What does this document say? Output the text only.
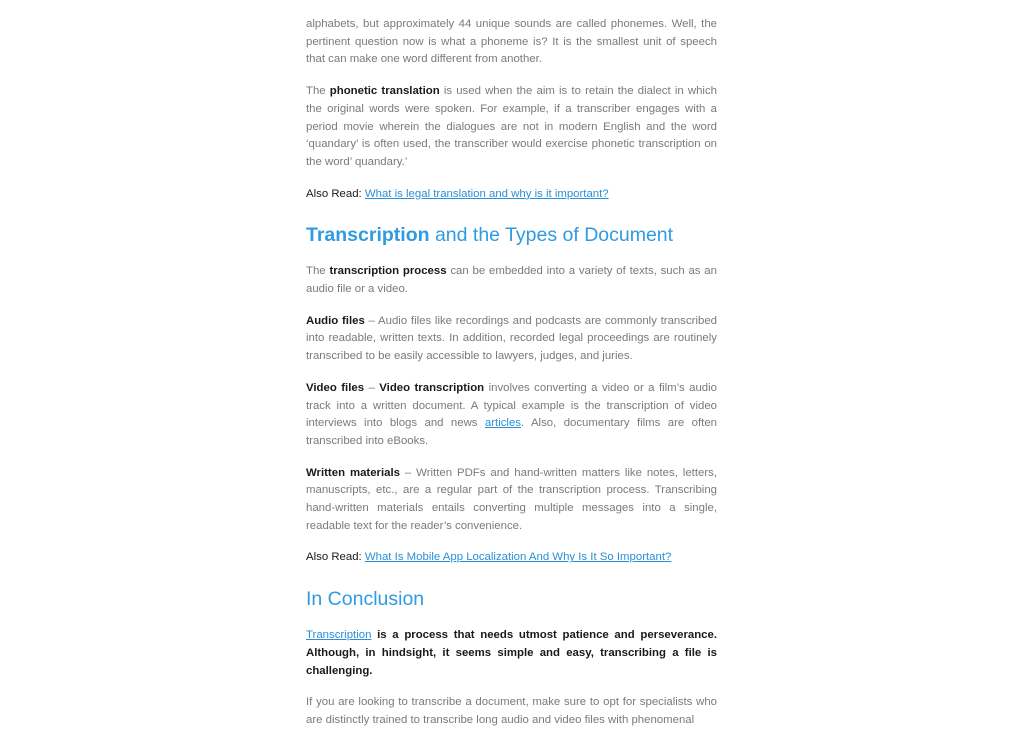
alphabets, but approximately 44 unique sounds are called phonemes. Well, the pertinent question now is what a phoneme is? It is the smallest unit of speech that can make one word different from another.

The phonetic translation is used when the aim is to retain the dialect in which the original words were spoken. For example, if a transcriber engages with a period movie wherein the dialogues are not in modern English and the word ‘quandary’ is often used, the transcriber would exercise phonetic transcription on the word’ quandary.’

Also Read: What is legal translation and why is it important?

Transcription and the Types of Document

The transcription process can be embedded into a variety of texts, such as an audio file or a video.

Audio files – Audio files like recordings and podcasts are commonly transcribed into readable, written texts. In addition, recorded legal proceedings are routinely transcribed to be easily accessible to lawyers, judges, and juries.

Video files – Video transcription involves converting a video or a film’s audio track into a written document. A typical example is the transcription of video interviews into blogs and news articles. Also, documentary films are often transcribed into eBooks.

Written materials – Written PDFs and hand-written matters like notes, letters, manuscripts, etc., are a regular part of the transcription process. Transcribing hand-written materials entails converting multiple messages into a single, readable text for the reader’s convenience.

Also Read: What Is Mobile App Localization And Why Is It So Important?

In Conclusion

Transcription is a process that needs utmost patience and perseverance. Although, in hindsight, it seems simple and easy, transcribing a file is challenging.

If you are looking to transcribe a document, make sure to opt for specialists who are distinctly trained to transcribe long audio and video files with phenomenal
